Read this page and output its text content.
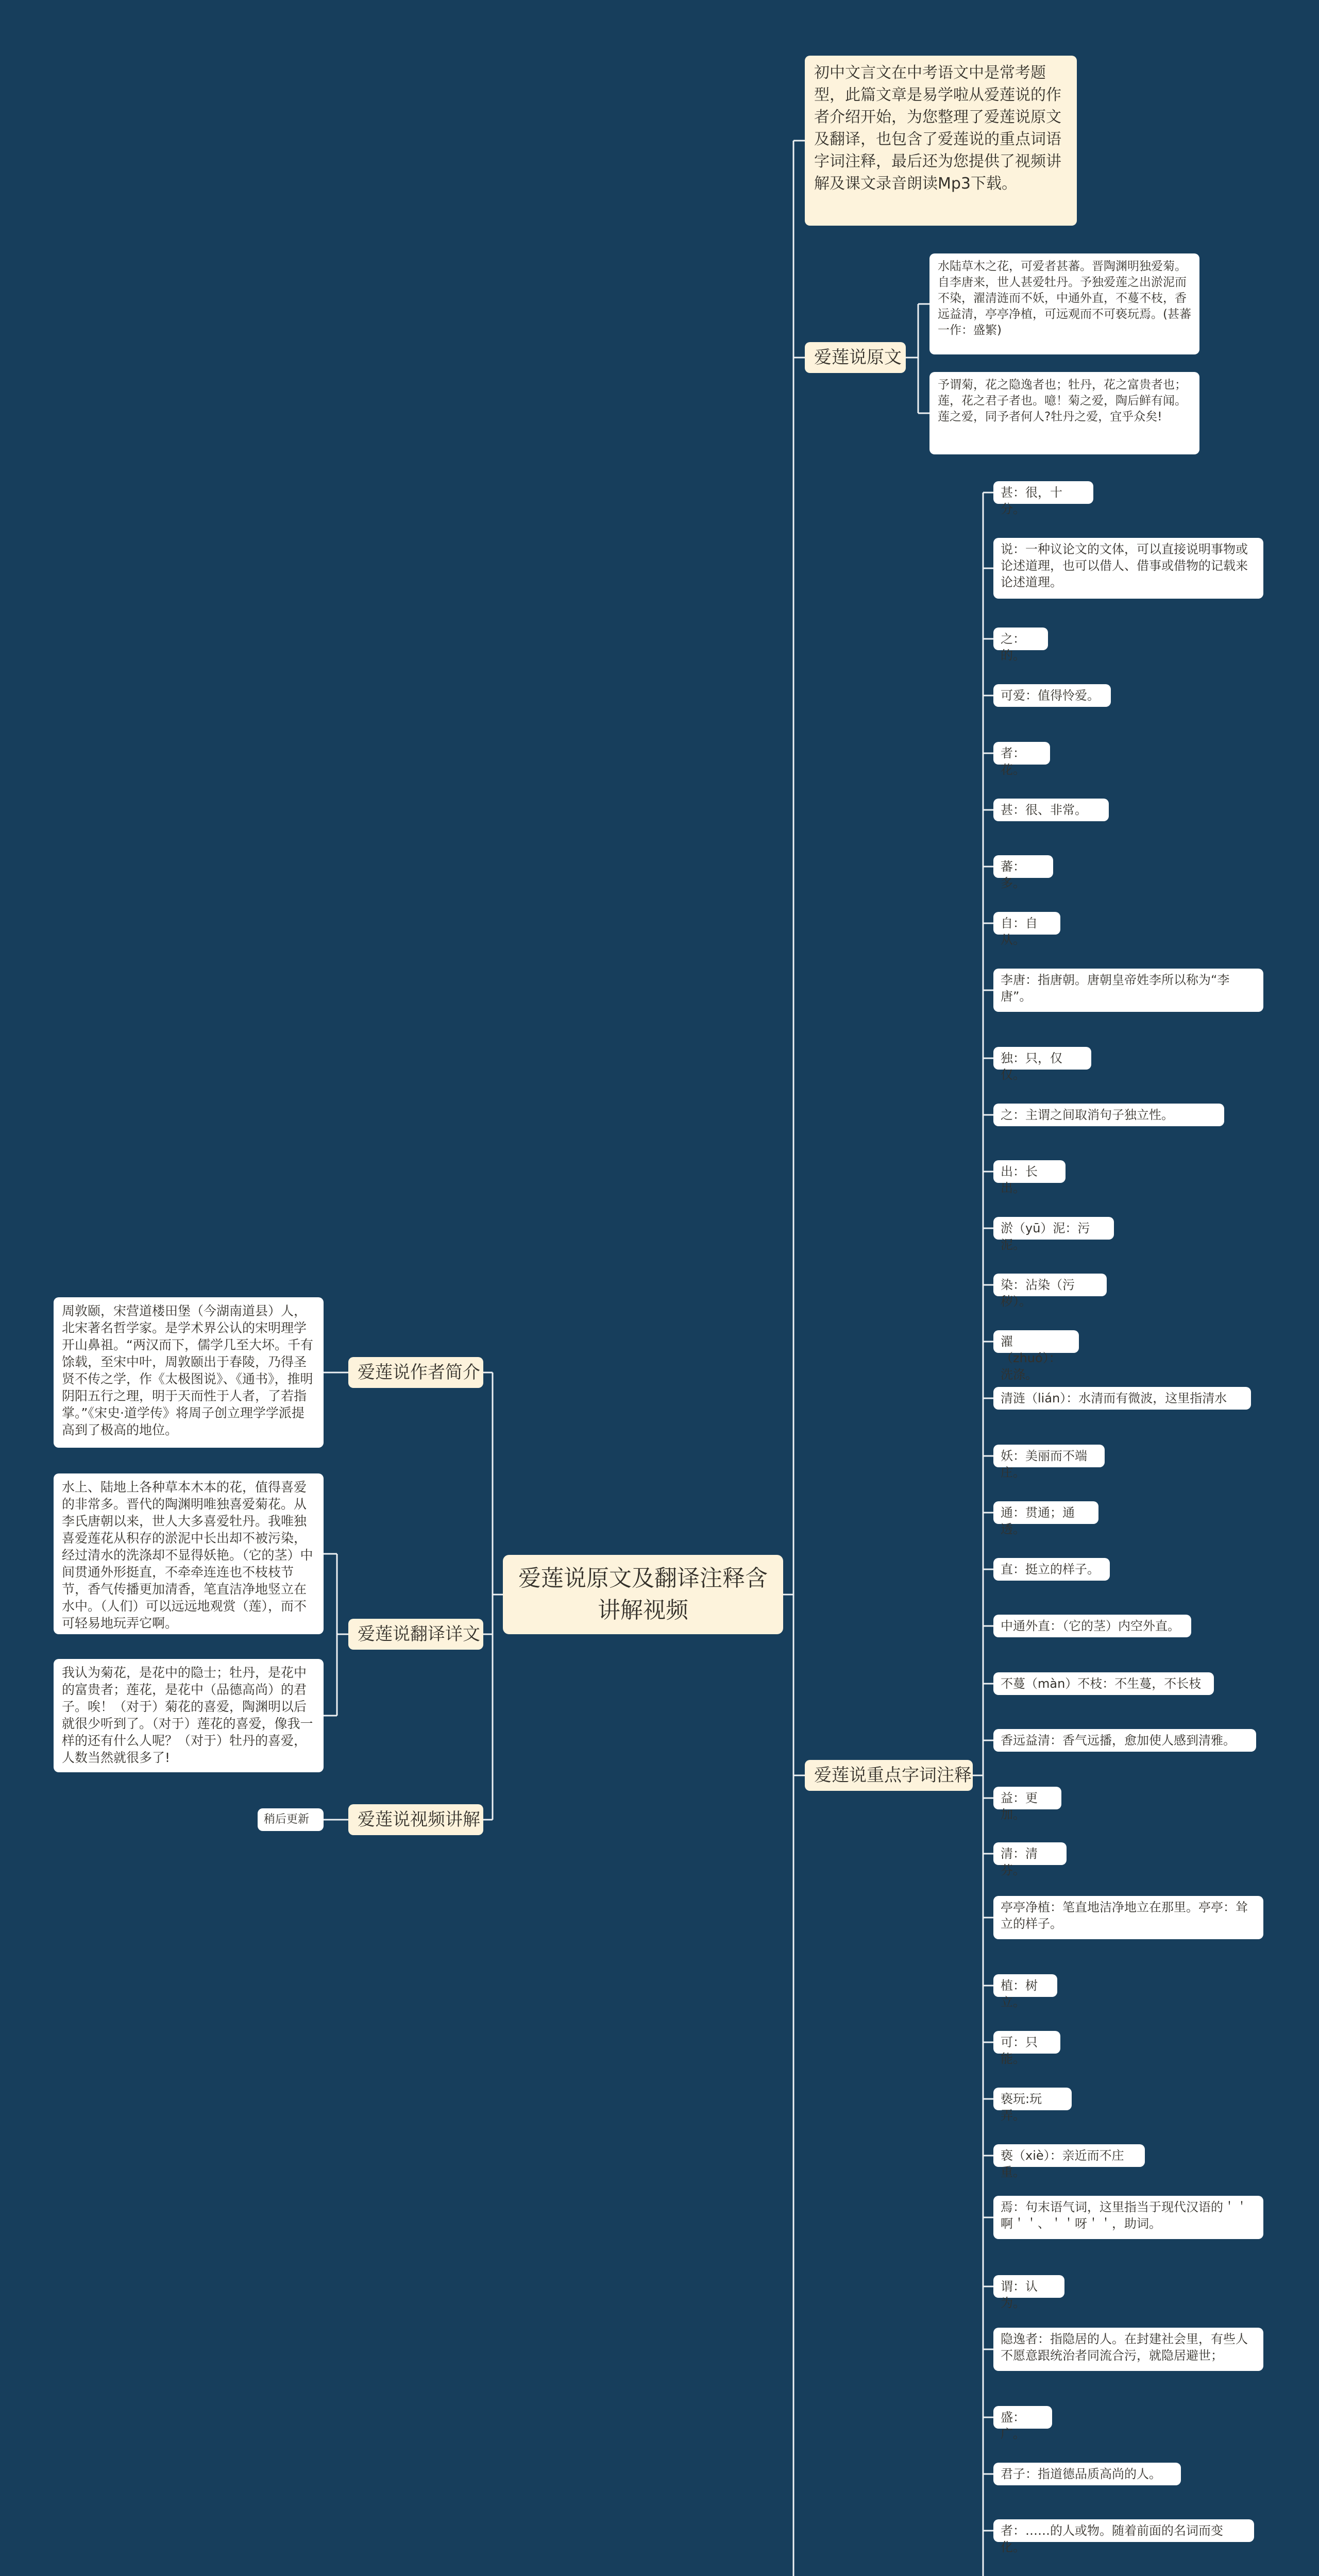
爱莲说原文及翻译注释含讲解视频
初中文言文在中考语文中是常考题型，此篇文章是易学啦从爱莲说的作者介绍开始，为您整理了爱莲说原文及翻译，也包含了爱莲说的重点词语字词注释，最后还为您提供了视频讲解及课文录音朗读Mp3下载。
爱莲说原文
爱莲说重点字词注释
爱莲说作者简介
爱莲说翻译详文
爱莲说视频讲解
水陆草木之花，可爱者甚蕃。晋陶渊明独爱菊。自李唐来，世人甚爱牡丹。予独爱莲之出淤泥而不染，濯清涟而不妖，中通外直，不蔓不枝，香远益清，亭亭净植，可远观而不可亵玩焉。(甚蕃 一作：盛繁)
予谓菊，花之隐逸者也；牡丹，花之富贵者也；莲，花之君子者也。噫！菊之爱，陶后鲜有闻。莲之爱，同予者何人?牡丹之爱，宜乎众矣!
甚：很，十分。
说：一种议论文的文体，可以直接说明事物或论述道理，也可以借人、借事或借物的记载来论述道理。
之：的。
可爱：值得怜爱。
者：花。
甚：很、非常。
蕃：多。
自：自从。
李唐：指唐朝。唐朝皇帝姓李所以称为“李唐”。
独：只，仅仅。
之：主谓之间取消句子独立性。
出：长出。
淤（yū）泥：污泥。
染：沾染（污秽）。
濯（zhuó）：洗涤。
清涟（lián）：水清而有微波，这里指清水
妖：美丽而不端庄。
通：贯通；通透。
直：挺立的样子。
中通外直：（它的茎）内空外直。
不蔓（màn）不枝：不生蔓，不长枝
香远益清：香气远播，愈加使人感到清雅。
益：更加。
清：清芬。
亭亭净植：笔直地洁净地立在那里。亭亭：耸立的样子。
植：树立。
可：只能。
亵玩:玩弄。
亵（xiè）：亲近而不庄重。
焉：句末语气词，这里指当于现代汉语的＇＇啊＇＇、＇＇呀＇＇，助词。
谓：认为。
隐逸者：指隐居的人。在封建社会里，有些人不愿意跟统治者同流合污，就隐居避世；
盛：广。
君子：指道德品质高尚的人。
者：……的人或物。随着前面的名词而变化。
周敦颐，宋营道楼田堡（今湖南道县）人，北宋著名哲学家。是学术界公认的宋明理学开山鼻祖。“两汉而下，儒学几至大坏。千有馀载，至宋中叶，周敦颐出于春陵，乃得圣贤不传之学，作《太极图说》、《通书》，推明阴阳五行之理，明于天而性于人者，了若指掌。”《宋史·道学传》将周子创立理学学派提高到了极高的地位。
水上、陆地上各种草本木本的花，值得喜爱的非常多。晋代的陶渊明唯独喜爱菊花。从李氏唐朝以来，世人大多喜爱牡丹。我唯独喜爱莲花从积存的淤泥中长出却不被污染，经过清水的洗涤却不显得妖艳。（它的茎）中间贯通外形挺直，不牵牵连连也不枝枝节节，香气传播更加清香，笔直洁净地竖立在水中。（人们）可以远远地观赏（莲），而不可轻易地玩弄它啊。
我认为菊花，是花中的隐士；牡丹，是花中的富贵者；莲花，是花中（品德高尚）的君子。唉！（对于）菊花的喜爱，陶渊明以后就很少听到了。（对于）莲花的喜爱，像我一样的还有什么人呢？（对于）牡丹的喜爱，人数当然就很多了!
稍后更新
